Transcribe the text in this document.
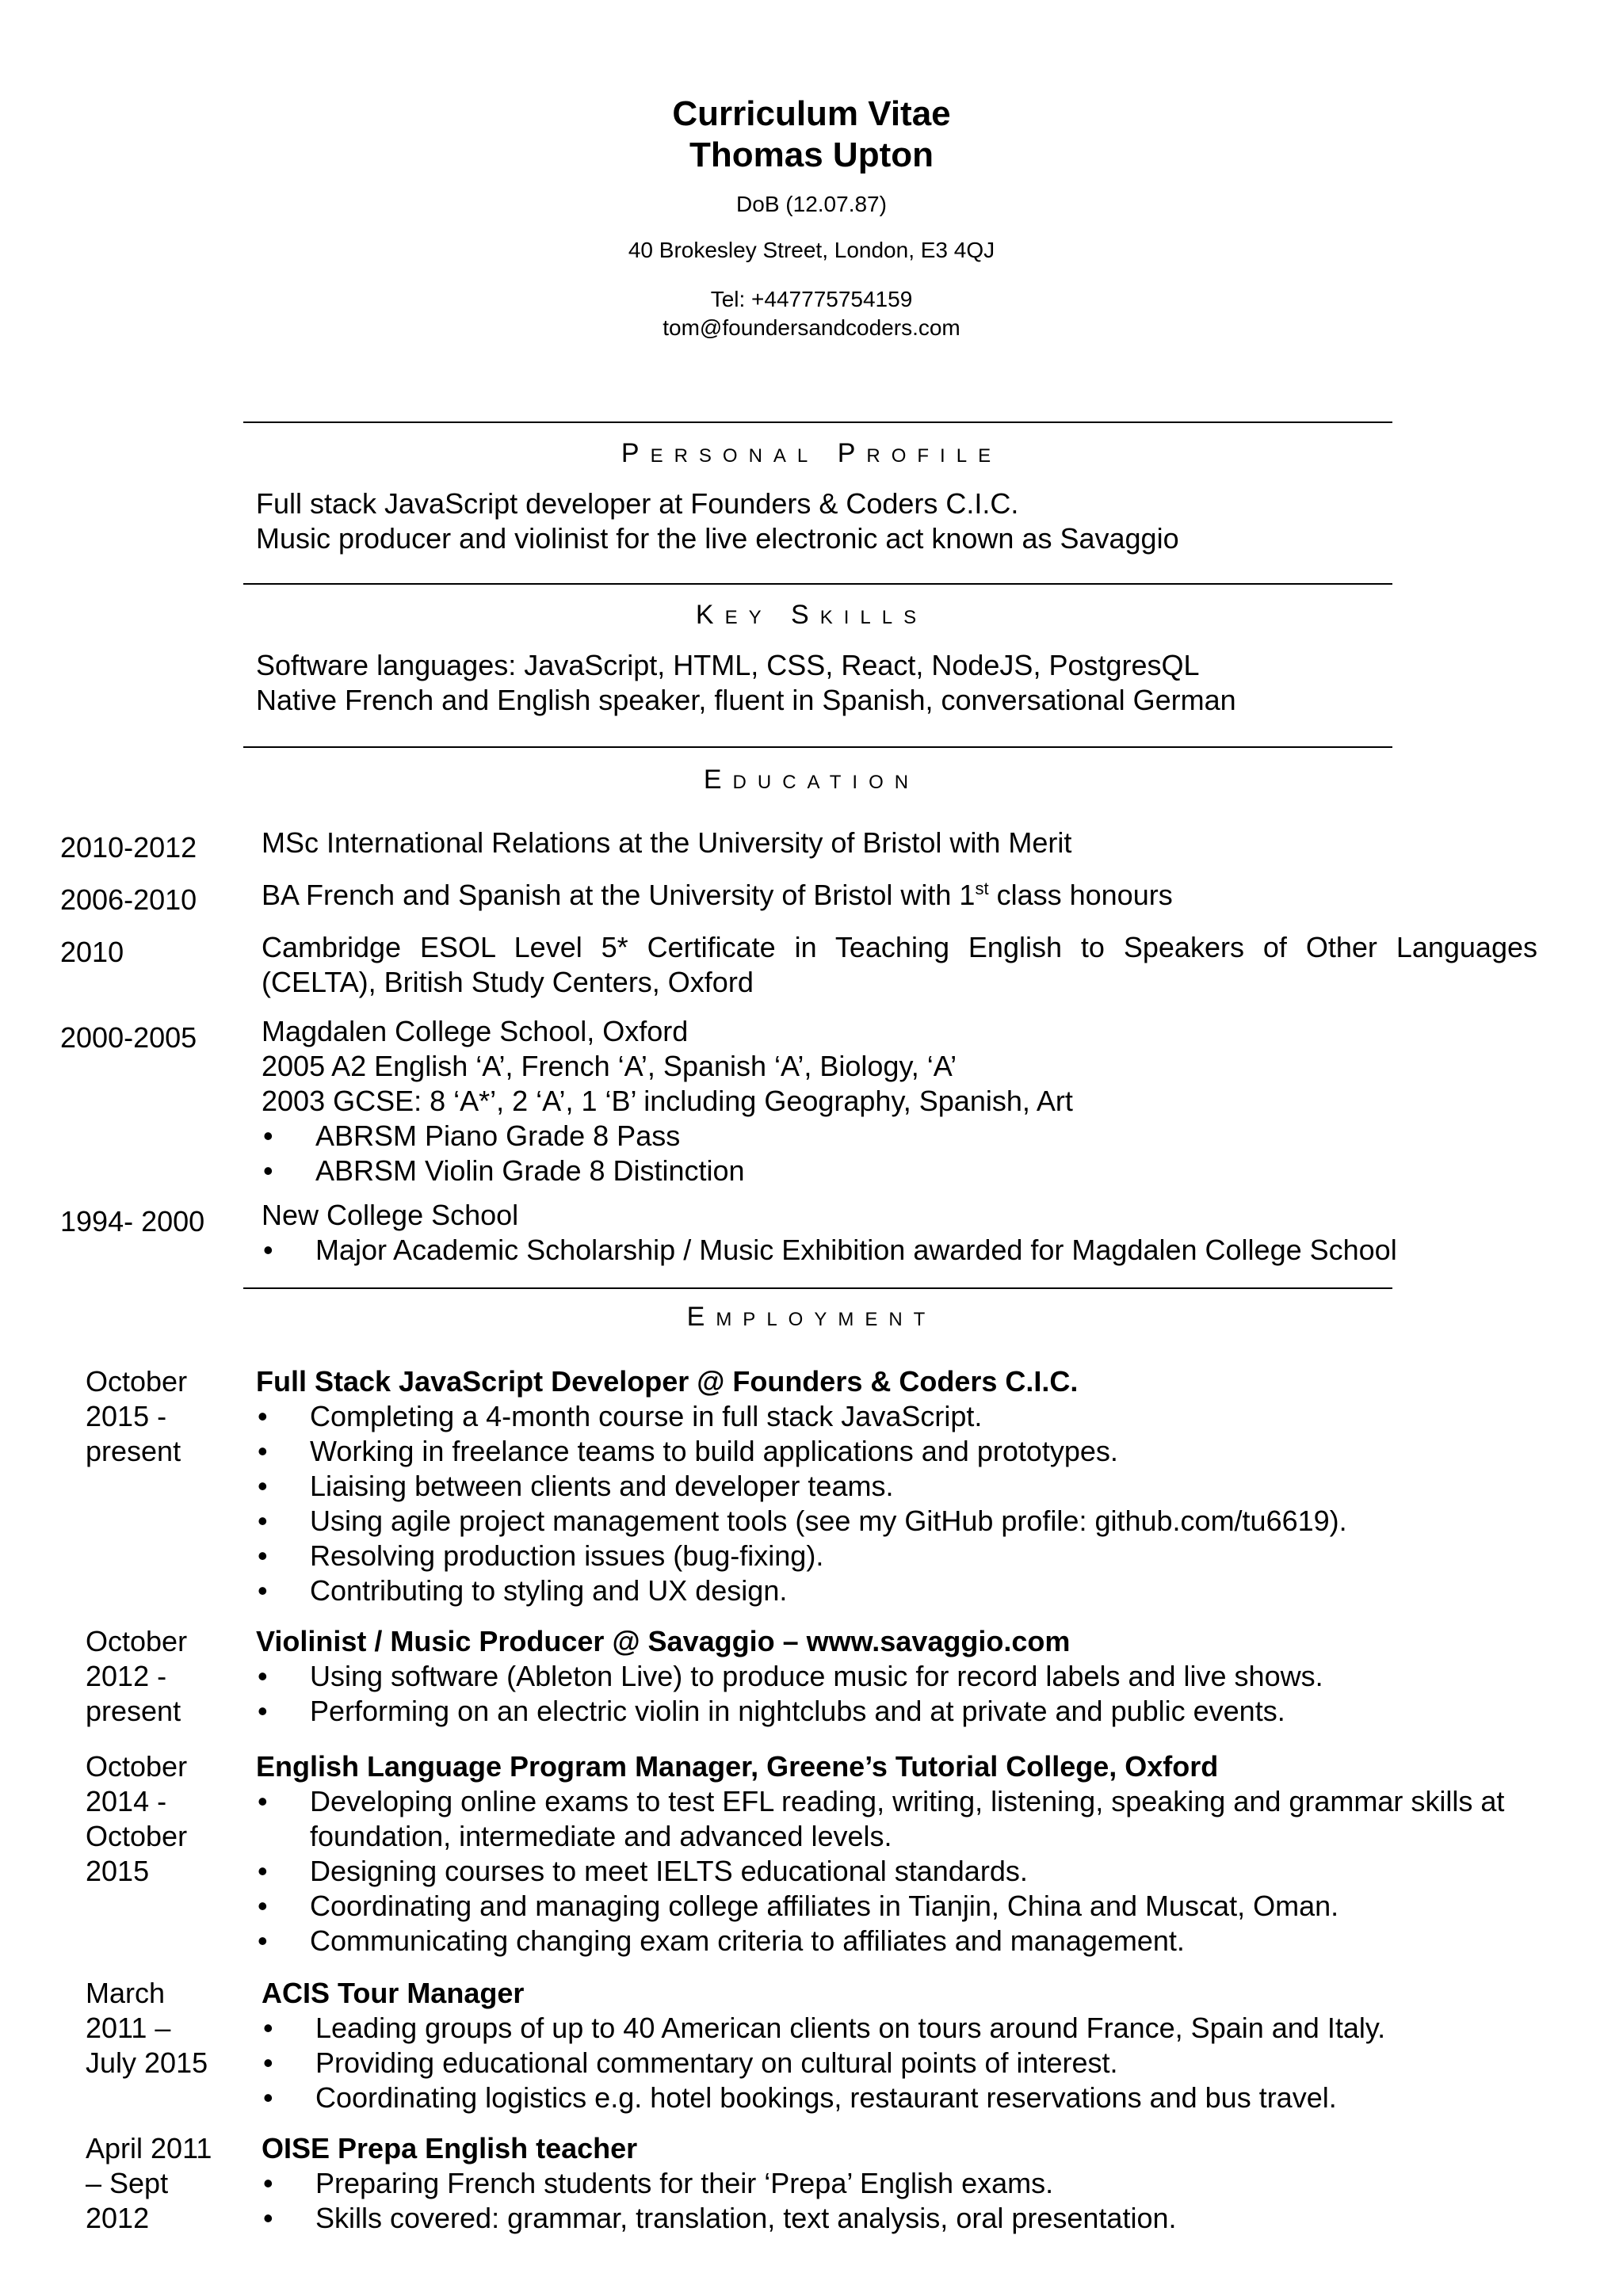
Curriculum Vitae
Thomas Upton
DoB (12.07.87)
40 Brokesley Street, London, E3 4QJ
Tel: +447775754159
tom@foundersandcoders.com
Personal Profile
Full stack JavaScript developer at Founders & Coders C.I.C.
Music producer and violinist for the live electronic act known as Savaggio
Key Skills
Software languages: JavaScript, HTML, CSS, React, NodeJS, PostgresQL
Native French and English speaker, fluent in Spanish, conversational German
Education
2010-2012 MSc International Relations at the University of Bristol with Merit
2006-2010 BA French and Spanish at the University of Bristol with 1st class honours
2010	Cambridge ESOL Level 5* Certificate in Teaching English to Speakers of Other Languages
(CELTA), British Study Centers, Oxford
2000-2005 Magdalen College School, Oxford
2005 A2 English ‘A’, French ‘A’, Spanish ‘A’, Biology, ‘A’
2003 GCSE: 8 ‘A*’, 2 ‘A’, 1 ‘B’ including Geography, Spanish, Art
• ABRSM Piano Grade 8 Pass
• ABRSM Violin Grade 8 Distinction
1994- 2000 New College School
• Major Academic Scholarship / Music Exhibition awarded for Magdalen College School
Employment
October
2015 -
present
Full Stack JavaScript Developer @ Founders & Coders C.I.C.
• Completing a 4-month course in full stack JavaScript.
• Working in freelance teams to build applications and prototypes.
• Liaising between clients and developer teams.
• Using agile project management tools (see my GitHub profile: github.com/tu6619).
• Resolving production issues (bug-fixing).
• Contributing to styling and UX design.
October
2012 -
present
Violinist / Music Producer @ Savaggio – www.savaggio.com
• Using software (Ableton Live) to produce music for record labels and live shows.
• Performing on an electric violin in nightclubs and at private and public events.
October
2014 -
October
2015
English Language Program Manager, Greene’s Tutorial College, Oxford
• Developing online exams to test EFL reading, writing, listening, speaking and grammar skills at foundation, intermediate and advanced levels.
• Designing courses to meet IELTS educational standards.
• Coordinating and managing college affiliates in Tianjin, China and Muscat, Oman.
• Communicating changing exam criteria to affiliates and management.
March
2011 –
July 2015
ACIS Tour Manager
• Leading groups of up to 40 American clients on tours around France, Spain and Italy.
• Providing educational commentary on cultural points of interest.
• Coordinating logistics e.g. hotel bookings, restaurant reservations and bus travel.
April 2011
– Sept
2012
OISE Prepa English teacher
• Preparing French students for their ‘Prepa’ English exams.
• Skills covered: grammar, translation, text analysis, oral presentation.
